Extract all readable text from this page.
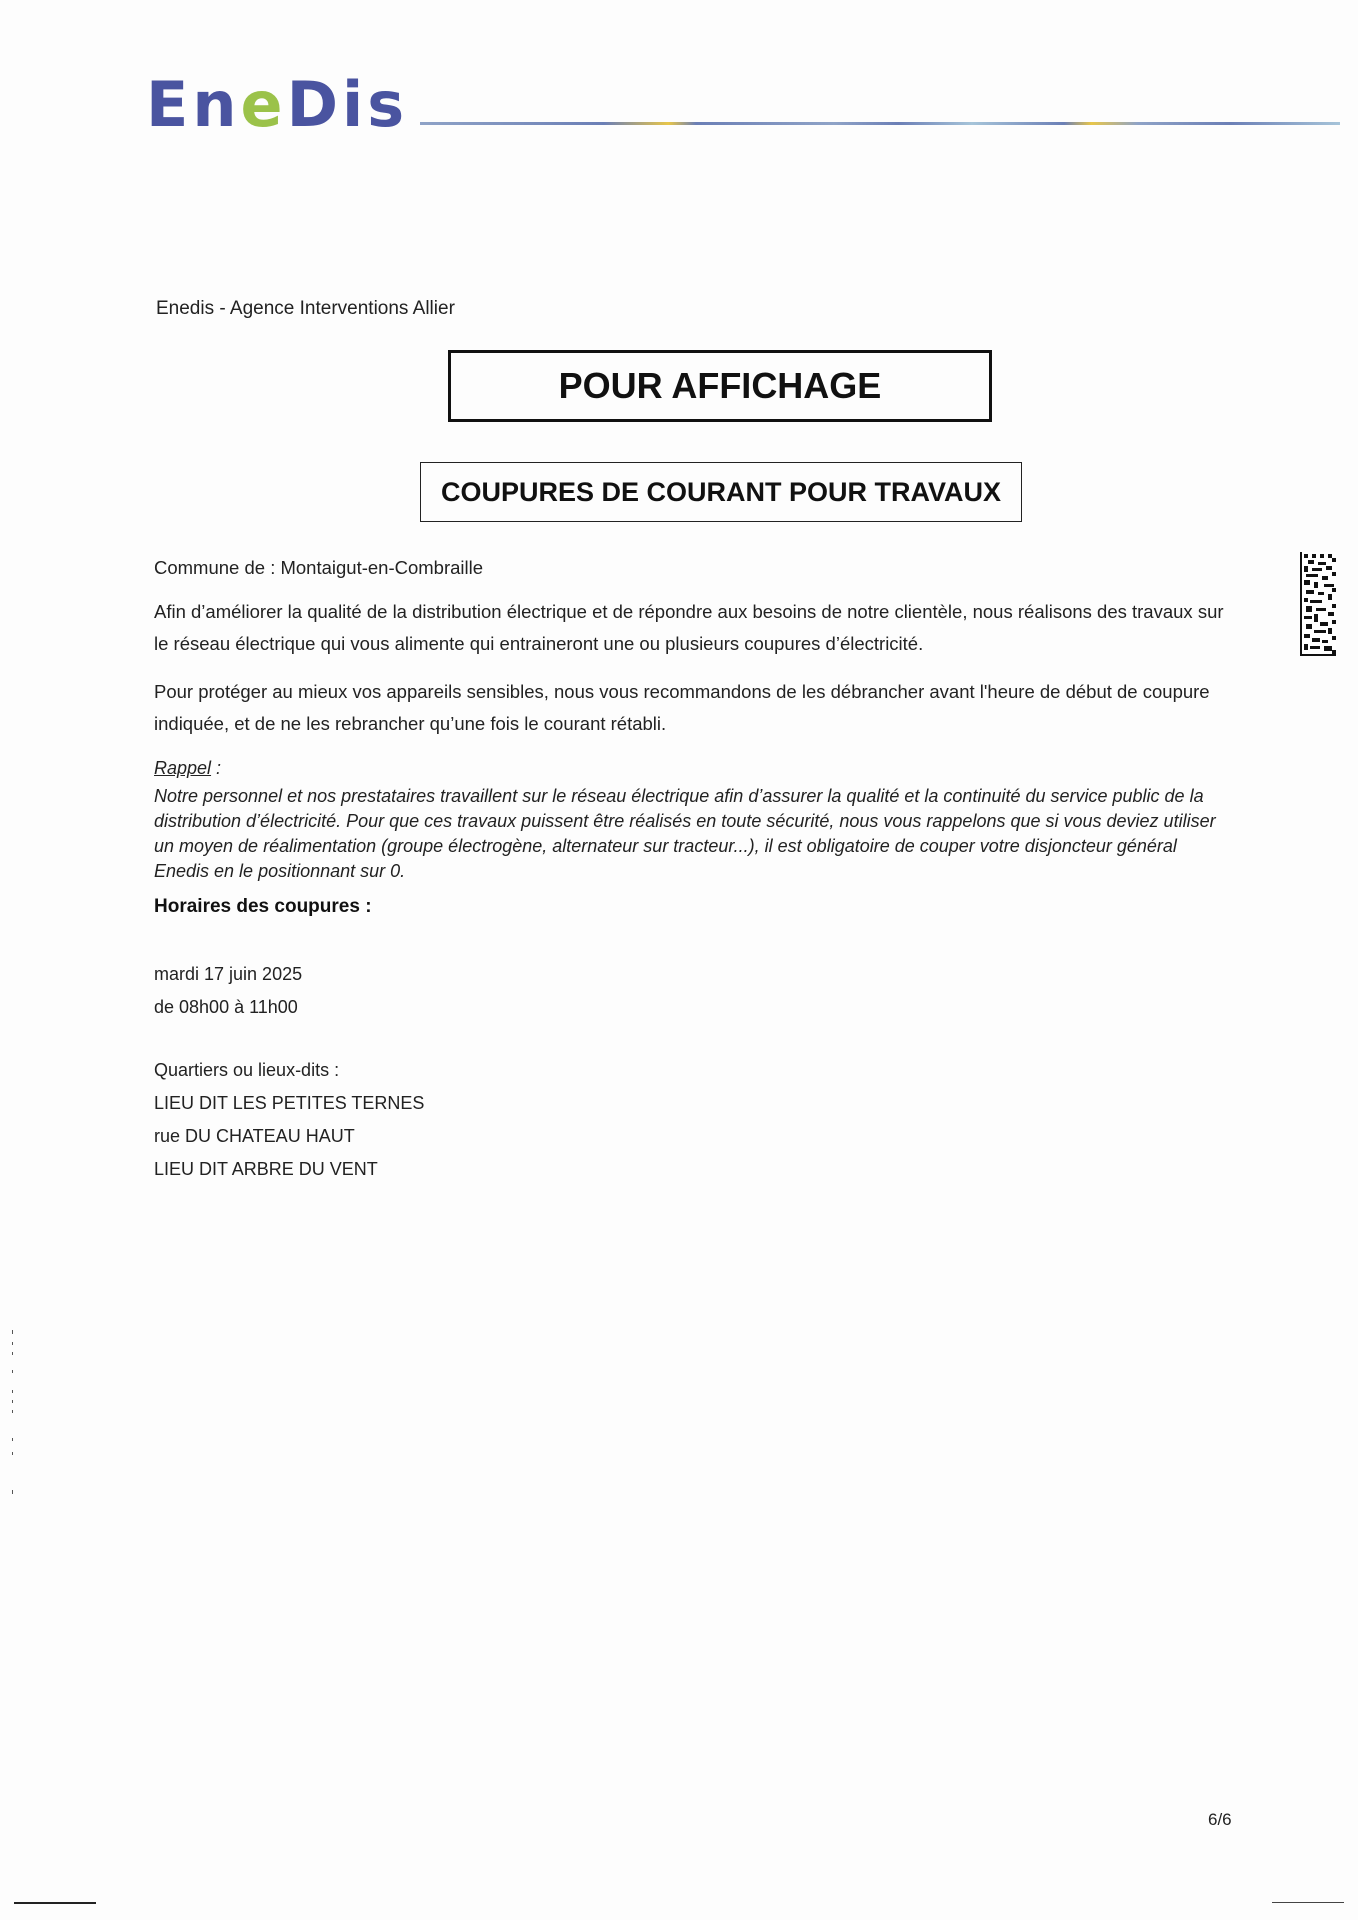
EneDis
Enedis - Agence Interventions Allier
POUR AFFICHAGE
COUPURES DE COURANT POUR TRAVAUX
Commune de : Montaigut-en-Combraille
Afin d’améliorer la qualité de la distribution électrique et de répondre aux besoins de notre clientèle, nous réalisons des travaux sur le réseau électrique qui vous alimente qui entraineront une ou plusieurs coupures d’électricité.
Pour protéger au mieux vos appareils sensibles, nous vous recommandons de les débrancher avant l'heure de début de coupure indiquée, et de ne les rebrancher qu’une fois le courant rétabli.
Rappel :
Notre personnel et nos prestataires travaillent sur le réseau électrique afin d’assurer la qualité et la continuité du service public de la distribution d’électricité. Pour que ces travaux puissent être réalisés en toute sécurité, nous vous rappelons que si vous deviez utiliser un moyen de réalimentation (groupe électrogène, alternateur sur tracteur...), il est obligatoire de couper votre disjoncteur général Enedis en le positionnant sur 0.
Horaires des coupures :
mardi 17 juin 2025
de 08h00 à 11h00
Quartiers ou lieux-dits :
LIEU DIT LES PETITES TERNES
rue DU CHATEAU HAUT
LIEU DIT ARBRE DU VENT
6/6
